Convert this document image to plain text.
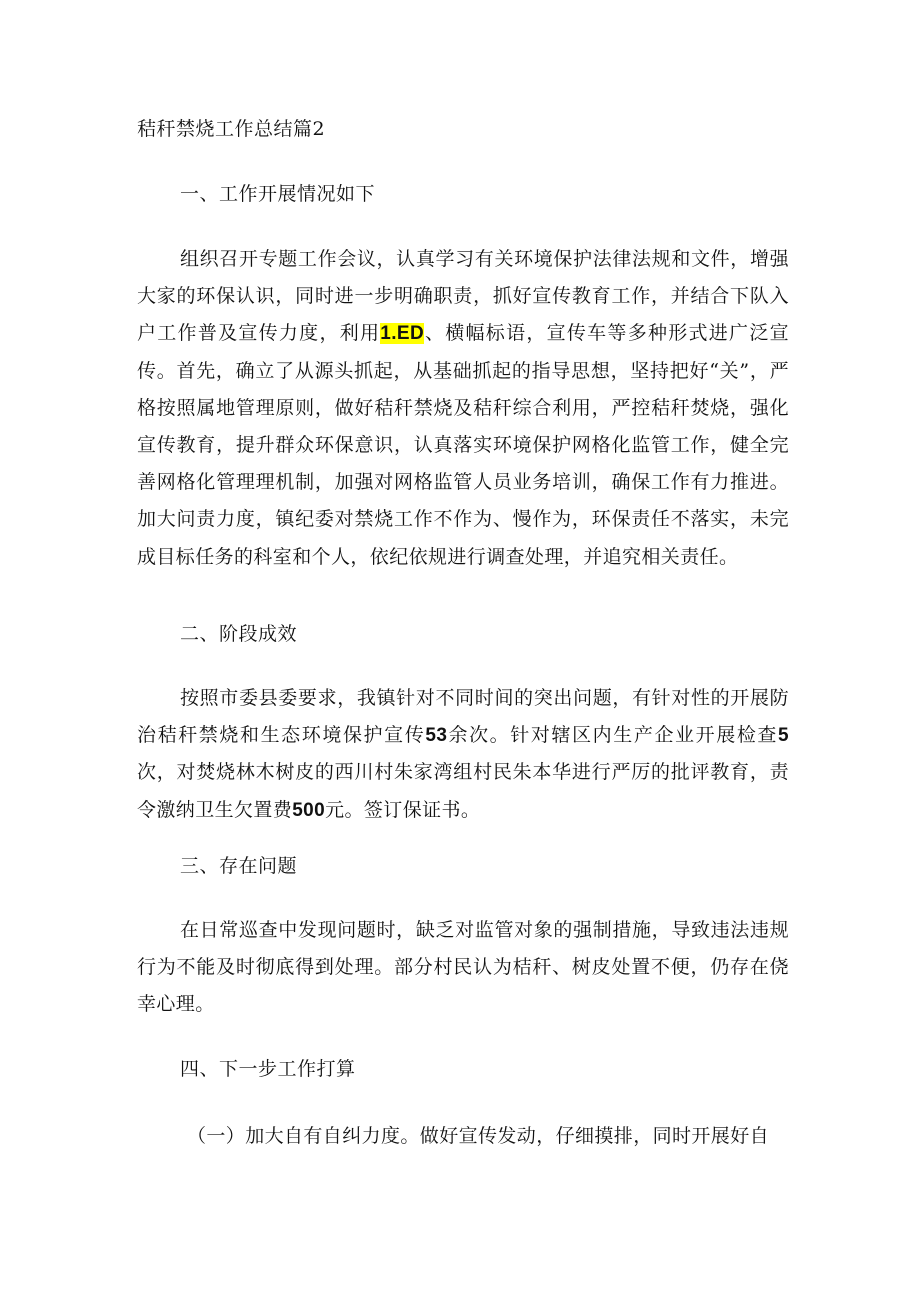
秸秆禁烧工作总结篇2
一、工作开展情况如下
组织召开专题工作会议，认真学习有关环境保护法律法规和文件，增强大家的环保认识，同时进一步明确职责，抓好宣传教育工作，并结合下队入户工作普及宣传力度，利用1.ED、横幅标语，宣传车等多种形式进广泛宣传。首先，确立了从源头抓起，从基础抓起的指导思想，坚持把好“关”，严格按照属地管理原则，做好秸秆禁烧及秸秆综合利用，严控秸秆焚烧，强化宣传教育，提升群众环保意识，认真落实环境保护网格化监管工作，健全完善网格化管理理机制，加强对网格监管人员业务培训，确保工作有力推进。加大问责力度，镇纪委对禁烧工作不作为、慢作为，环保责任不落实，未完成目标任务的科室和个人，依纪依规进行调查处理，并追究相关责任。
二、阶段成效
按照市委县委要求，我镇针对不同时间的突出问题，有针对性的开展防治秸秆禁烧和生态环境保护宣传53余次。针对辖区内生产企业开展检查5次，对焚烧林木树皮的西川村朱家湾组村民朱本华进行严厉的批评教育，责令激纳卫生欠置费500元。签订保证书。
三、存在问题
在日常巡查中发现问题时，缺乏对监管对象的强制措施，导致违法违规行为不能及时彻底得到处理。部分村民认为桔秆、树皮处置不便，仍存在侥幸心理。
四、下一步工作打算
（一）加大自有自纠力度。做好宣传发动，仔细摸排，同时开展好自
